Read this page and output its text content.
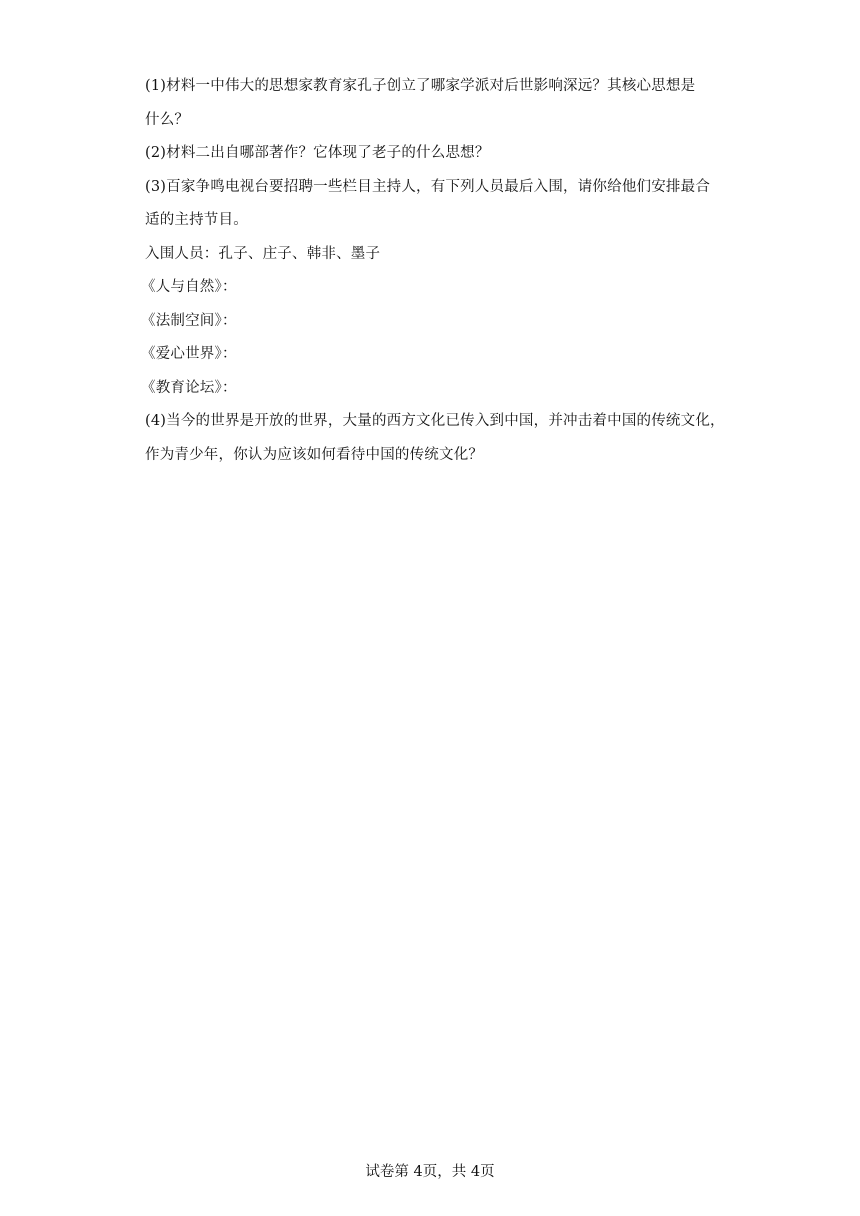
(1)材料一中伟大的思想家教育家孔子创立了哪家学派对后世影响深远？其核心思想是
什么？
(2)材料二出自哪部著作？它体现了老子的什么思想？
(3)百家争鸣电视台要招聘一些栏目主持人，有下列人员最后入围，请你给他们安排最合
适的主持节目。
入围人员：孔子、庄子、韩非、墨子
《人与自然》：
《法制空间》：
《爱心世界》：
《教育论坛》：
(4)当今的世界是开放的世界，大量的西方文化已传入到中国，并冲击着中国的传统文化，
作为青少年，你认为应该如何看待中国的传统文化？
试卷第 4页，共 4页
